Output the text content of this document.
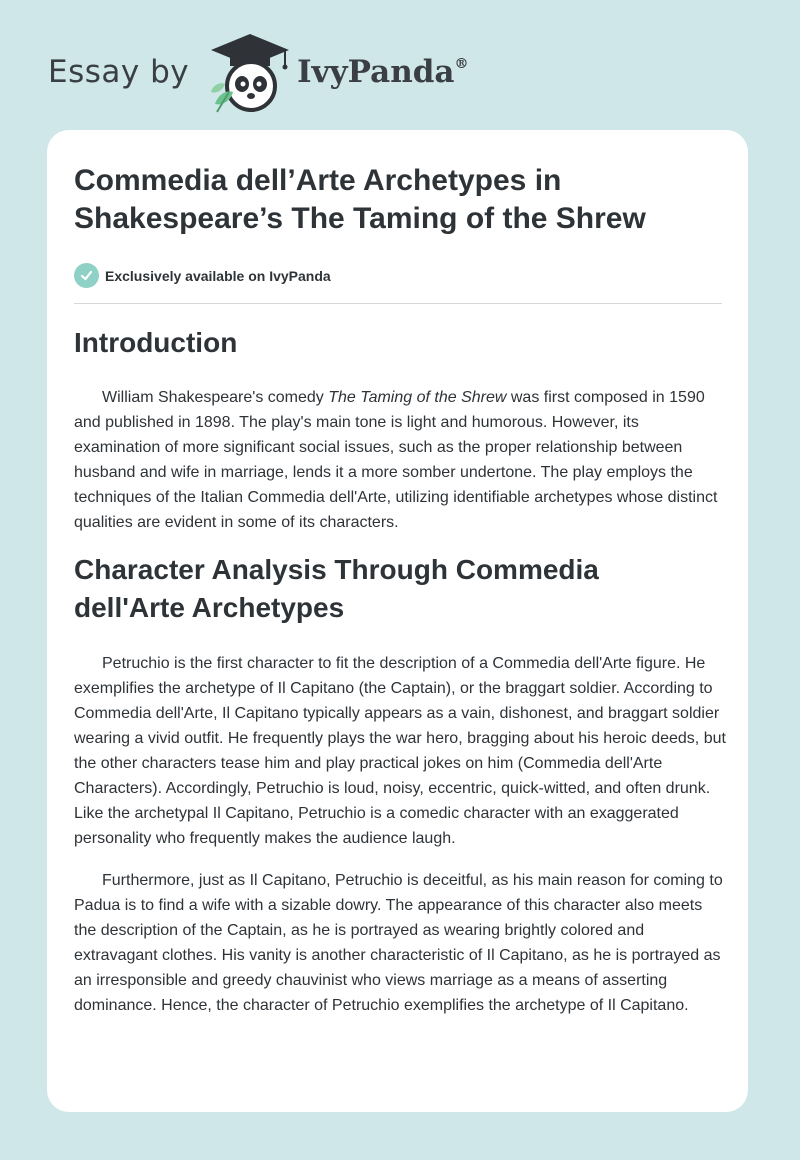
Essay by	IvyPanda®
Commedia dell’Arte Archetypes in Shakespeare’s The Taming of the Shrew
Exclusively available on IvyPanda
Introduction

William Shakespeare's comedy The Taming of the Shrew was first composed in 1590 and published in 1898. The play's main tone is light and humorous. However, its examination of more significant social issues, such as the proper relationship between husband and wife in marriage, lends it a more somber undertone. The play employs the techniques of the Italian Commedia dell'Arte, utilizing identifiable archetypes whose distinct qualities are evident in some of its characters.

Character Analysis Through Commedia dell'Arte Archetypes

Petruchio is the first character to fit the description of a Commedia dell'Arte figure. He exemplifies the archetype of Il Capitano (the Captain), or the braggart soldier. According to Commedia dell'Arte, Il Capitano typically appears as a vain, dishonest, and braggart soldier wearing a vivid outfit. He frequently plays the war hero, bragging about his heroic deeds, but the other characters tease him and play practical jokes on him (Commedia dell'Arte Characters). Accordingly, Petruchio is loud, noisy, eccentric, quick-witted, and often drunk. Like the archetypal Il Capitano, Petruchio is a comedic character with an exaggerated personality who frequently makes the audience laugh.

Furthermore, just as Il Capitano, Petruchio is deceitful, as his main reason for coming to Padua is to find a wife with a sizable dowry. The appearance of this character also meets the description of the Captain, as he is portrayed as wearing brightly colored and extravagant clothes. His vanity is another characteristic of Il Capitano, as he is portrayed as an irresponsible and greedy chauvinist who views marriage as a means of asserting dominance. Hence, the character of Petruchio exemplifies the archetype of Il Capitano.
